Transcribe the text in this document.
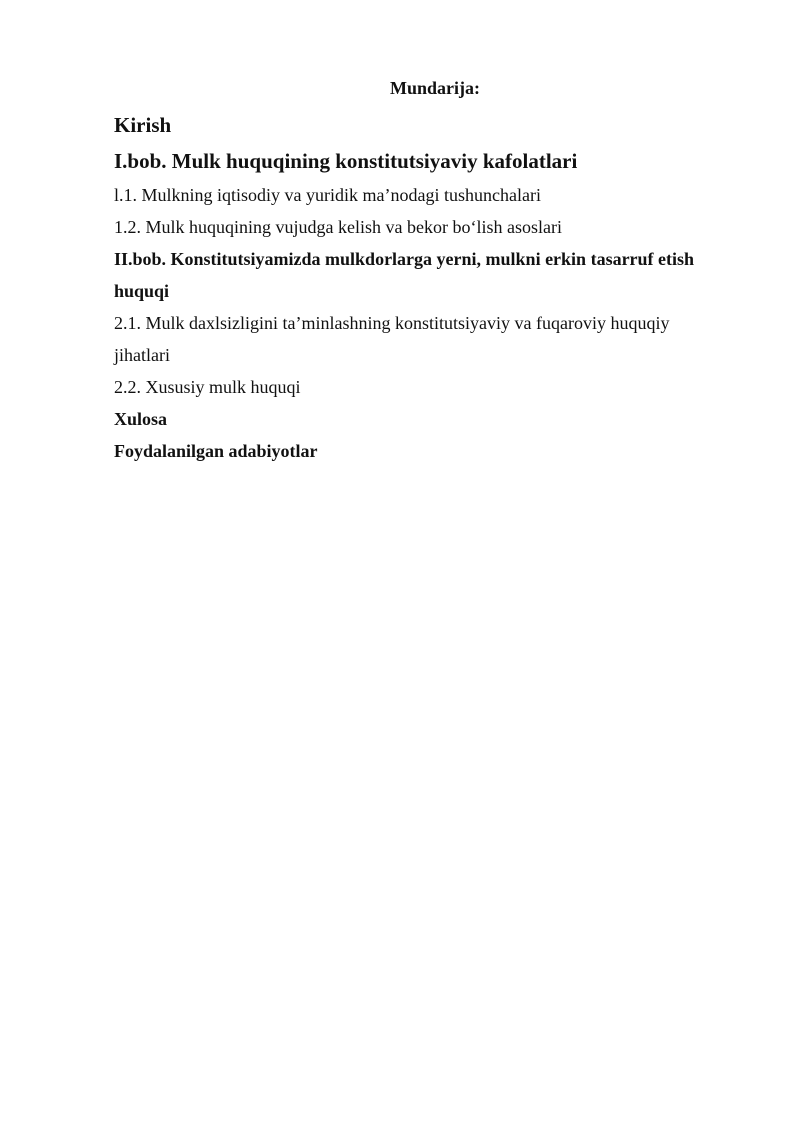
Mundarija:

Kirish

I.bob. Mulk huquqining konstitutsiyaviy kafolatlari

l.1. Mulkning iqtisodiy va yuridik ma’nodagi tushunchalari

1.2. Mulk huquqining vujudga kelish va bekor bo‘lish asoslari

II.bob. Konstitutsiyamizda mulkdorlarga yerni, mulkni erkin tasarruf etish huquqi

2.1. Mulk daxlsizligini ta’minlashning konstitutsiyaviy va fuqaroviy huquqiy jihatlari

2.2. Xususiy mulk huquqi

Xulosa

Foydalanilgan adabiyotlar
